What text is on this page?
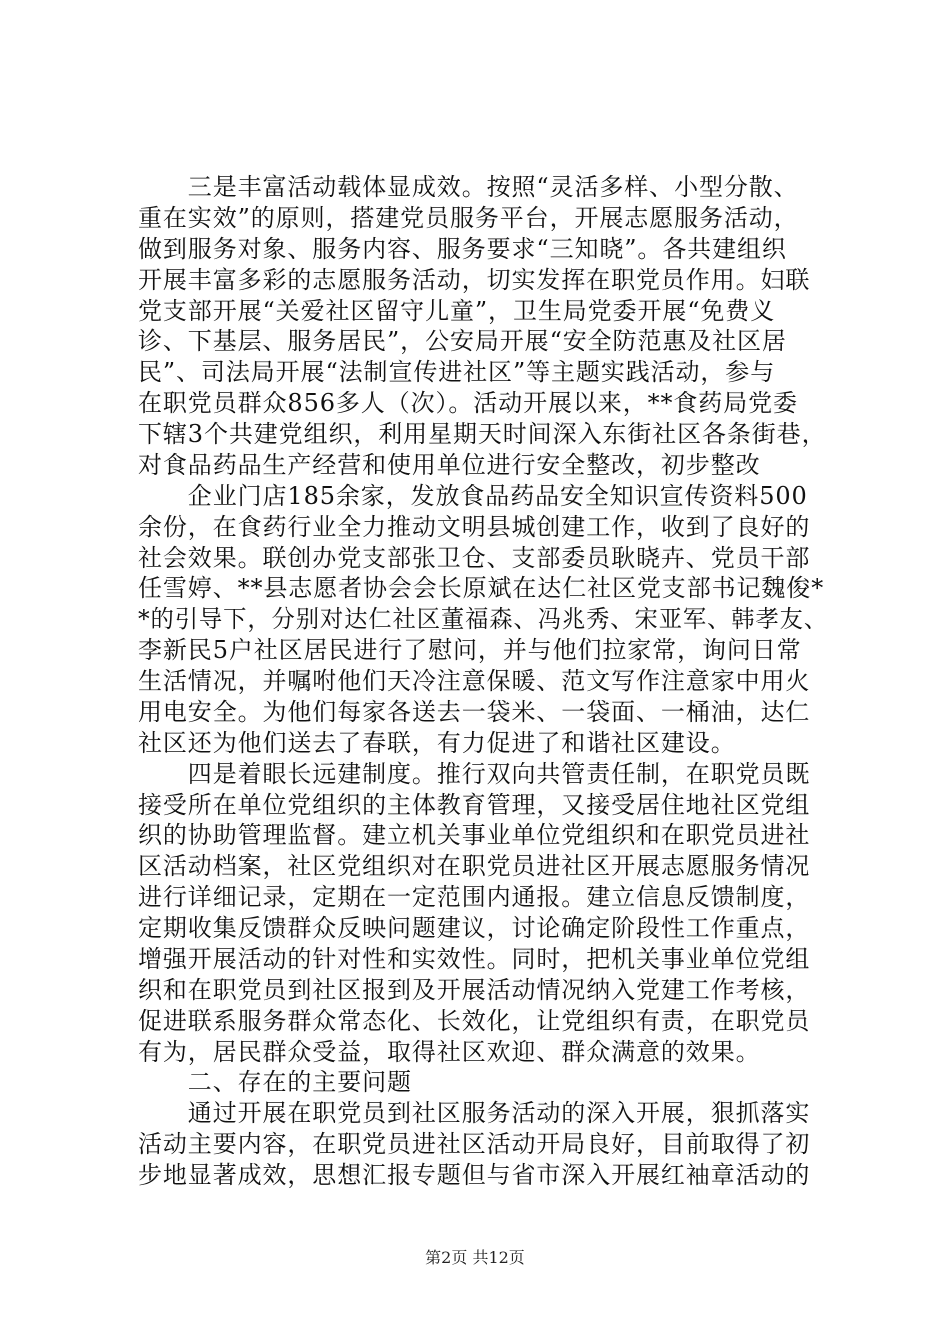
　　三是丰富活动载体显成效。按照“灵活多样、小型分散、
重在实效”的原则，搭建党员服务平台，开展志愿服务活动，
做到服务对象、服务内容、服务要求“三知晓”。各共建组织
开展丰富多彩的志愿服务活动，切实发挥在职党员作用。妇联
党支部开展“关爱社区留守儿童”，卫生局党委开展“免费义
诊、下基层、服务居民”，公安局开展“安全防范惠及社区居
民”、司法局开展“法制宣传进社区”等主题实践活动，参与
在职党员群众856多人（次）。活动开展以来，**食药局党委
下辖3个共建党组织，利用星期天时间深入东街社区各条街巷，
对食品药品生产经营和使用单位进行安全整改，初步整改
　　企业门店185余家，发放食品药品安全知识宣传资料500
余份，在食药行业全力推动文明县城创建工作，收到了良好的
社会效果。联创办党支部张卫仓、支部委员耿晓卉、党员干部
任雪婷、**县志愿者协会会长原斌在达仁社区党支部书记魏俊*
*的引导下，分别对达仁社区董福森、冯兆秀、宋亚军、韩孝友、
李新民5户社区居民进行了慰问，并与他们拉家常，询问日常
生活情况，并嘱咐他们天冷注意保暖、范文写作注意家中用火
用电安全。为他们每家各送去一袋米、一袋面、一桶油，达仁
社区还为他们送去了春联，有力促进了和谐社区建设。
　　四是着眼长远建制度。推行双向共管责任制，在职党员既
接受所在单位党组织的主体教育管理，又接受居住地社区党组
织的协助管理监督。建立机关事业单位党组织和在职党员进社
区活动档案，社区党组织对在职党员进社区开展志愿服务情况
进行详细记录，定期在一定范围内通报。建立信息反馈制度，
定期收集反馈群众反映问题建议，讨论确定阶段性工作重点，
增强开展活动的针对性和实效性。同时，把机关事业单位党组
织和在职党员到社区报到及开展活动情况纳入党建工作考核，
促进联系服务群众常态化、长效化，让党组织有责，在职党员
有为，居民群众受益，取得社区欢迎、群众满意的效果。
　　二、存在的主要问题
　　通过开展在职党员到社区服务活动的深入开展，狠抓落实
活动主要内容，在职党员进社区活动开局良好，目前取得了初
步地显著成效，思想汇报专题但与省市深入开展红袖章活动的
第2页 共12页
